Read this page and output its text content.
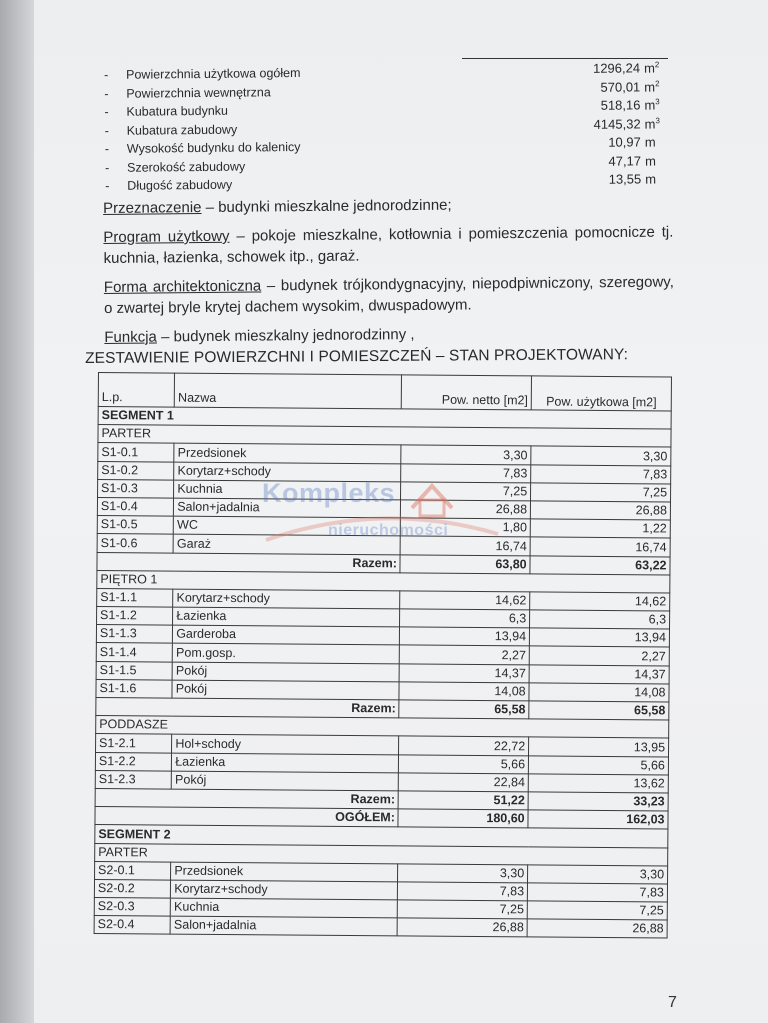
- Powierzchnia użytkowa ogółem	1296,24 $m^2$
- Powierzchnia wewnętrzna	570,01 $m^2$
- Kubatura budynku	518,16 $m^3$
- Kubatura zabudowy	4145,32 $m^3$
- Wysokość budynku do kalenicy	10,97 m
- Szerokość zabudowy	47,17 m
- Długość zabudowy	13,55 m

Przeznaczenie – budynki mieszkalne jednorodzinne;

Program użytkowy – pokoje mieszkalne, kotłownia i pomieszczenia pomocnicze tj. kuchnia, łazienka, schowek itp., garaż.

Forma architektoniczna – budynek trójkondygnacyjny, niepodpiwniczony, szeregowy, o zwartej bryle krytej dachem wysokim, dwuspadowym.

Funkcja – budynek mieszkalny jednorodzinny ,

ZESTAWIENIE POWIERZCHNI I POMIESZCZEŃ – STAN PROJEKTOWANY:
L.p.	Nazwa	Pow. netto [m2]	Pow. użytkowa [m2]
SEGMENT 1			
PARTER			
S1-0.1	Przedsionek	3,30	3,30
S1-0.2	Korytarz+schody	7,83	7,83
S1-0.3	Kuchnia	7,25	7,25
S1-0.4	Salon+jadalnia	26,88	26,88
S1-0.5	WC	1,80	1,22
S1-0.6	Garaż	16,74	16,74
	Razem:	63,80	63,22
PIĘTRO 1			
S1-1.1	Korytarz+schody	14,62	14,62
S1-1.2	Łazienka	6,3	6,3
S1-1.3	Garderoba	13,94	13,94
S1-1.4	Pom.gosp.	2,27	2,27
S1-1.5	Pokój	14,37	14,37
S1-1.6	Pokój	14,08	14,08
	Razem:	65,58	65,58
PODDASZE			
S1-2.1	Hol+schody	22,72	13,95
S1-2.2	Łazienka	5,66	5,66
S1-2.3	Pokój	22,84	13,62
	Razem:	51,22	33,23
	OGÓŁEM:	180,60	162,03
SEGMENT 2			
PARTER			
S2-0.1	Przedsionek	3,30	3,30
S2-0.2	Korytarz+schody	7,83	7,83
S2-0.3	Kuchnia	7,25	7,25
S2-0.4	Salon+jadalnia	26,88	26,88
Kompleks
nieruchomości
7
